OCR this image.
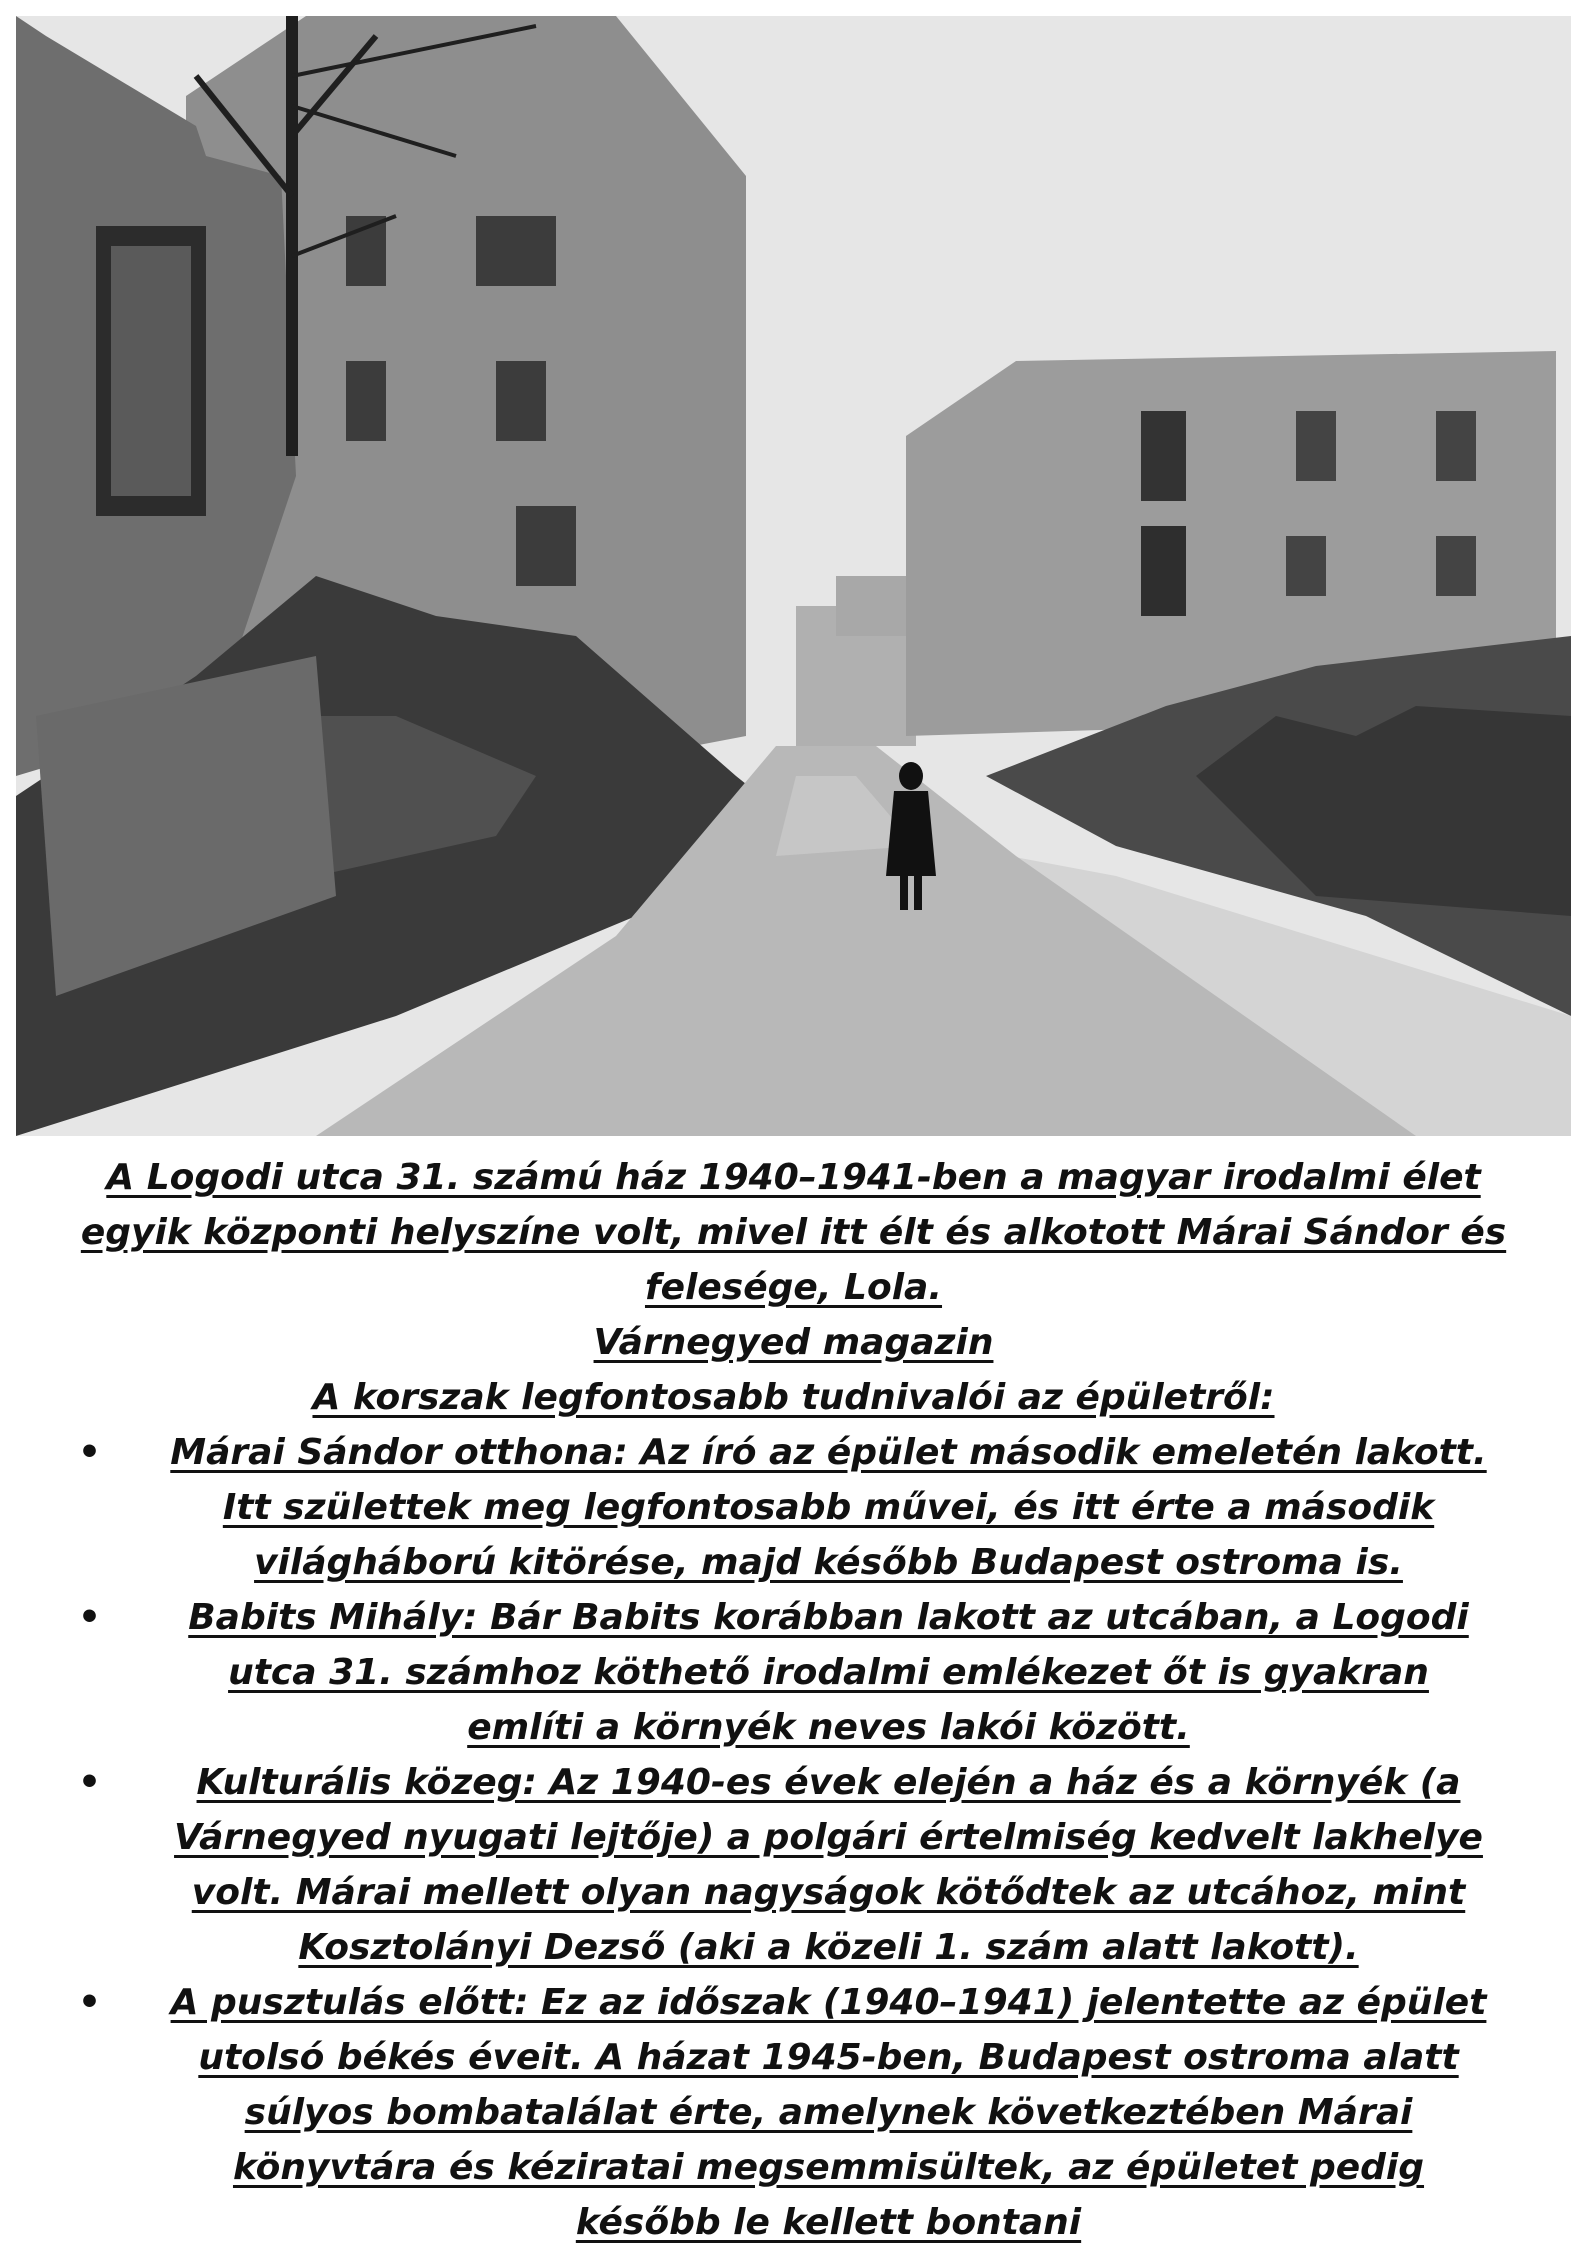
A Logodi utca 31. számú ház 1940–1941-ben a magyar irodalmi élet egyik központi helyszíne volt, mivel itt élt és alkotott Márai Sándor és felesége, Lola.

Várnegyed magazin

A korszak legfontosabb tudnivalói az épületről:

• Márai Sándor otthona: Az író az épület második emeletén lakott. Itt születtek meg legfontosabb művei, és itt érte a második világháború kitörése, majd később Budapest ostroma is.
• Babits Mihály: Bár Babits korábban lakott az utcában, a Logodi utca 31. számhoz köthető irodalmi emlékezet őt is gyakran említi a környék neves lakói között.
•	Kulturális közeg: Az 1940-es évek elején a ház és a környék (a Várnegyed nyugati lejtője) a polgári értelmiség kedvelt lakhelye volt. Márai mellett olyan nagyságok kötődtek az utcához, mint Kosztolányi Dezső (aki a közeli 1. szám alatt lakott).
• A pusztulás előtt: Ez az időszak (1940–1941) jelentette az épület utolsó békés éveit. A házat 1945-ben, Budapest ostroma alatt súlyos bombatalálat érte, amelynek következtében Márai könyvtára és kéziratai megsemmisültek, az épületet pedig később le kellett bontani
